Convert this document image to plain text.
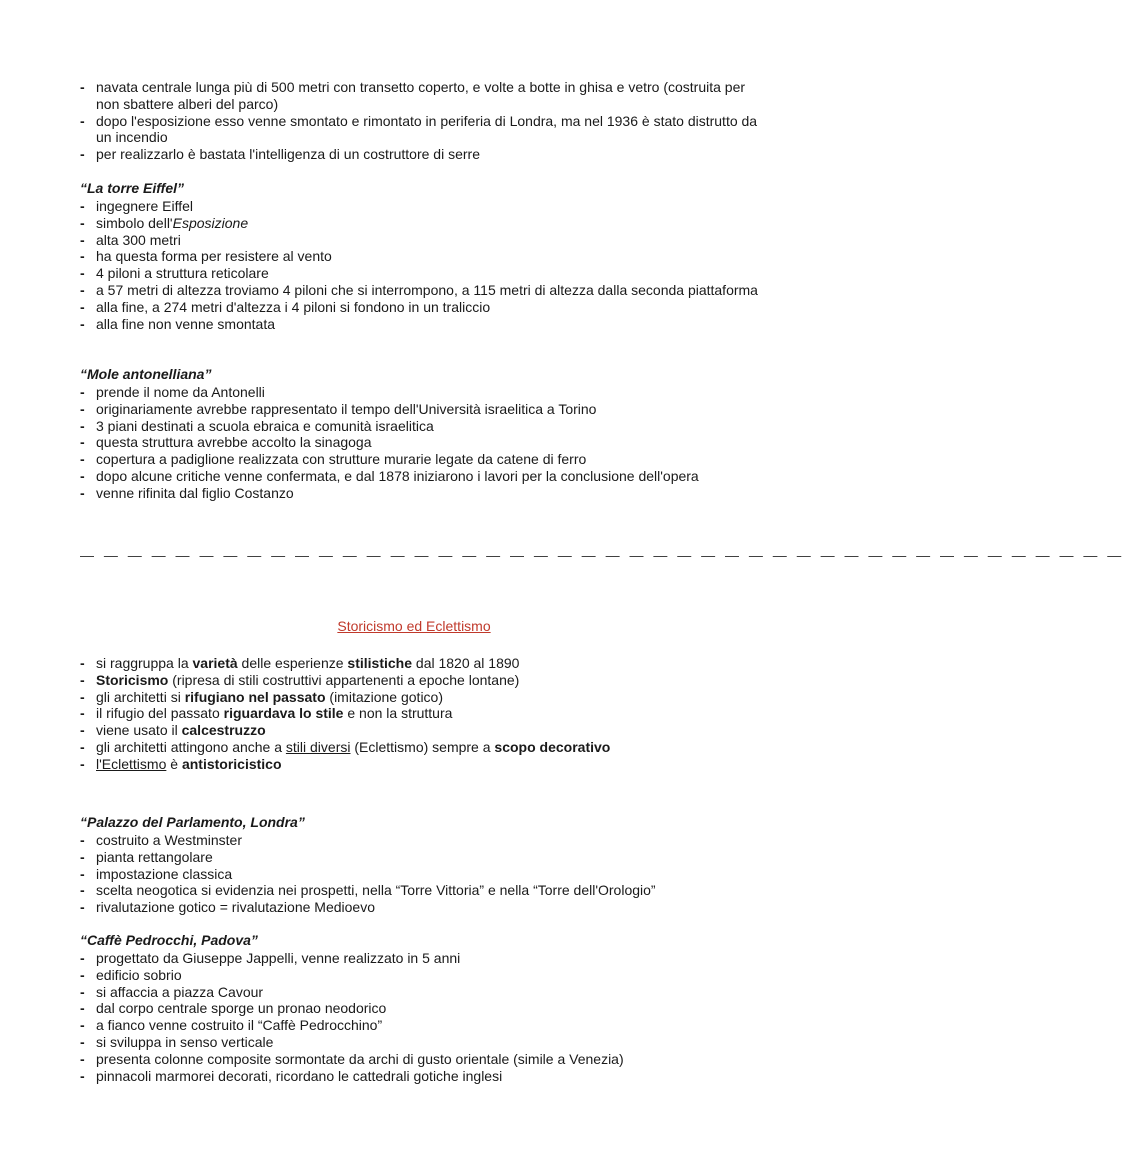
- navata centrale lunga più di 500 metri con transetto coperto, e volte a botte in ghisa e vetro (costruita per non sbattere alberi del parco)
- dopo l'esposizione esso venne smontato e rimontato in periferia di Londra, ma nel 1936 è stato distrutto da un incendio
- per realizzarlo è bastata l'intelligenza di un costruttore di serre
“La torre Eiffel”
- ingegnere Eiffel
- simbolo dell'Esposizione
- alta 300 metri
- ha questa forma per resistere al vento
- 4 piloni a struttura reticolare
- a 57 metri di altezza troviamo 4 piloni che si interrompono, a 115 metri di altezza dalla seconda piattaforma
- alla fine, a 274 metri d'altezza i 4 piloni si fondono in un traliccio
- alla fine non venne smontata
“Mole antonelliana”
- prende il nome da Antonelli
- originariamente avrebbe rappresentato il tempo dell'Università israelitica a Torino
- 3 piani destinati a scuola ebraica e comunità israelitica
- questa struttura avrebbe accolto la sinagoga
- copertura a padiglione realizzata con strutture murarie legate da catene di ferro
- dopo alcune critiche venne confermata, e dal 1878 iniziarono i lavori per la conclusione dell'opera
- venne rifinita dal figlio Costanzo
— — — — — — — — — — — — — — — — — — — — — — — — — — — — — — — — — — — — — — — — — — — —
Storicismo ed Eclettismo
- si raggruppa la varietà delle esperienze stilistiche dal 1820 al 1890
- Storicismo (ripresa di stili costruttivi appartenenti a epoche lontane)
- gli architetti si rifugiano nel passato (imitazione gotico)
- il rifugio del passato riguardava lo stile e non la struttura
- viene usato il calcestruzzo
- gli architetti attingono anche a stili diversi (Eclettismo) sempre a scopo decorativo
- l'Eclettismo è antistoricistico
“Palazzo del Parlamento, Londra”
- costruito a Westminster
- pianta rettangolare
- impostazione classica
- scelta neogotica si evidenzia nei prospetti, nella “Torre Vittoria” e nella “Torre dell'Orologio”
- rivalutazione gotico = rivalutazione Medioevo
“Caffè Pedrocchi, Padova”
- progettato da Giuseppe Jappelli, venne realizzato in 5 anni
- edificio sobrio
- si affaccia a piazza Cavour
- dal corpo centrale sporge un pronao neodorico
- a fianco venne costruito il “Caffè Pedrocchino”
- si sviluppa in senso verticale
- presenta colonne composite sormontate da archi di gusto orientale (simile a Venezia)
- pinnacoli marmorei decorati, ricordano le cattedrali gotiche inglesi
